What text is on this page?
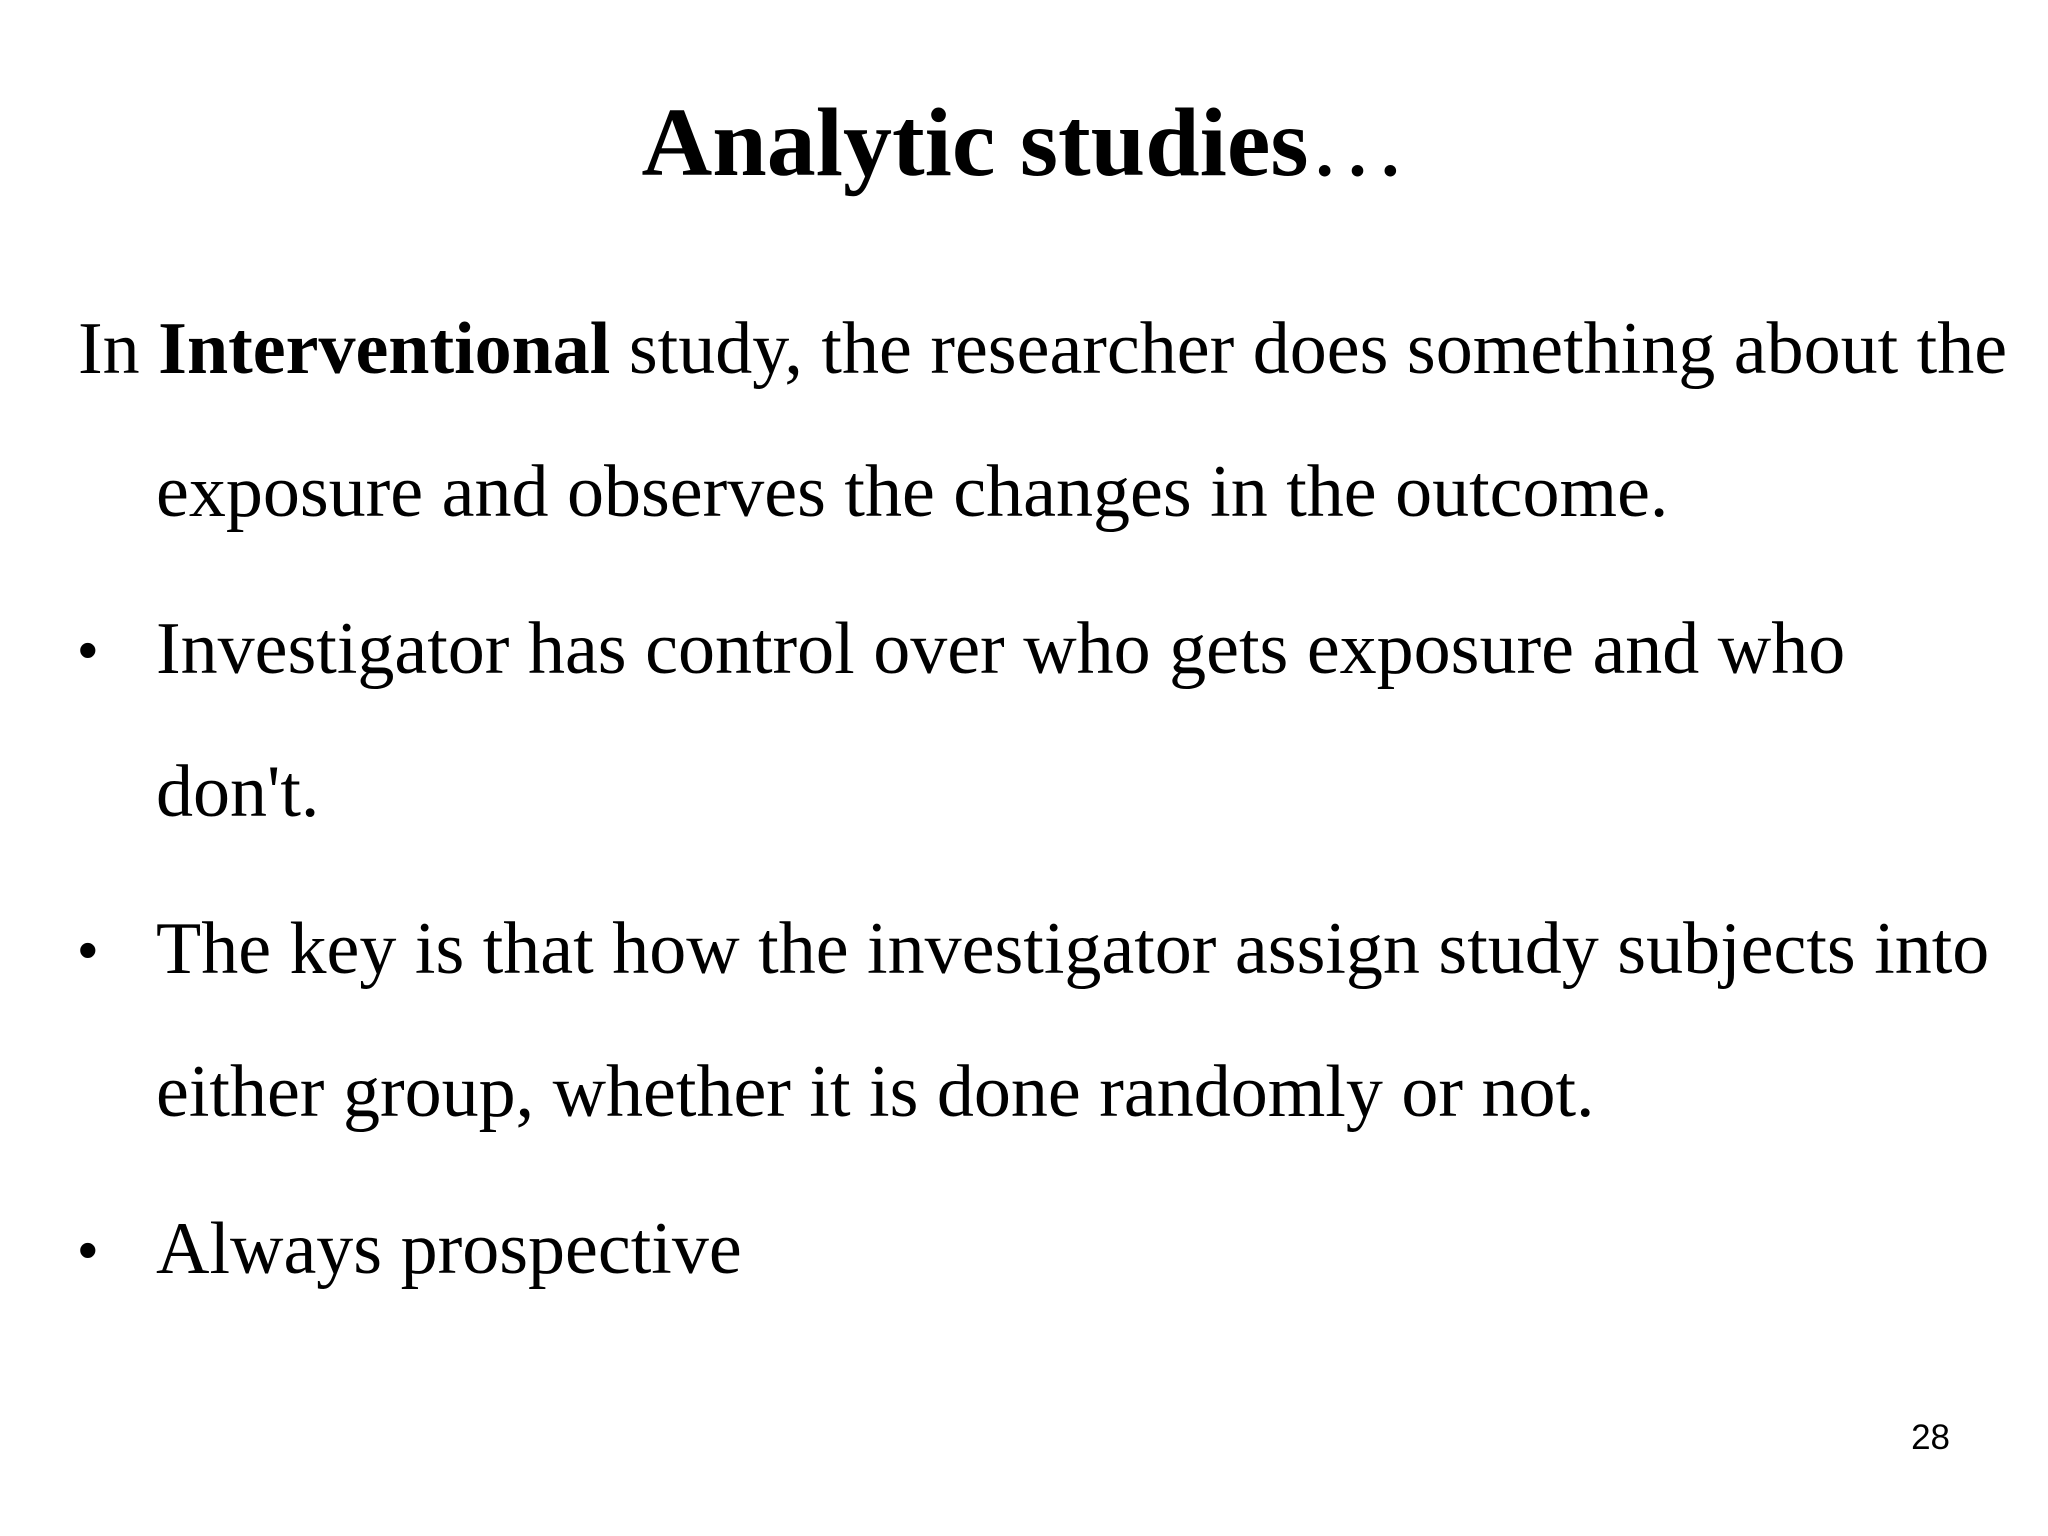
Analytic studies…

In Interventional study, the researcher does something about the exposure and observes the changes in the outcome.

• Investigator has control over who gets exposure and who don't.
• The key is that how the investigator assign study subjects into either group, whether it is done randomly or not.
• Always prospective
28
